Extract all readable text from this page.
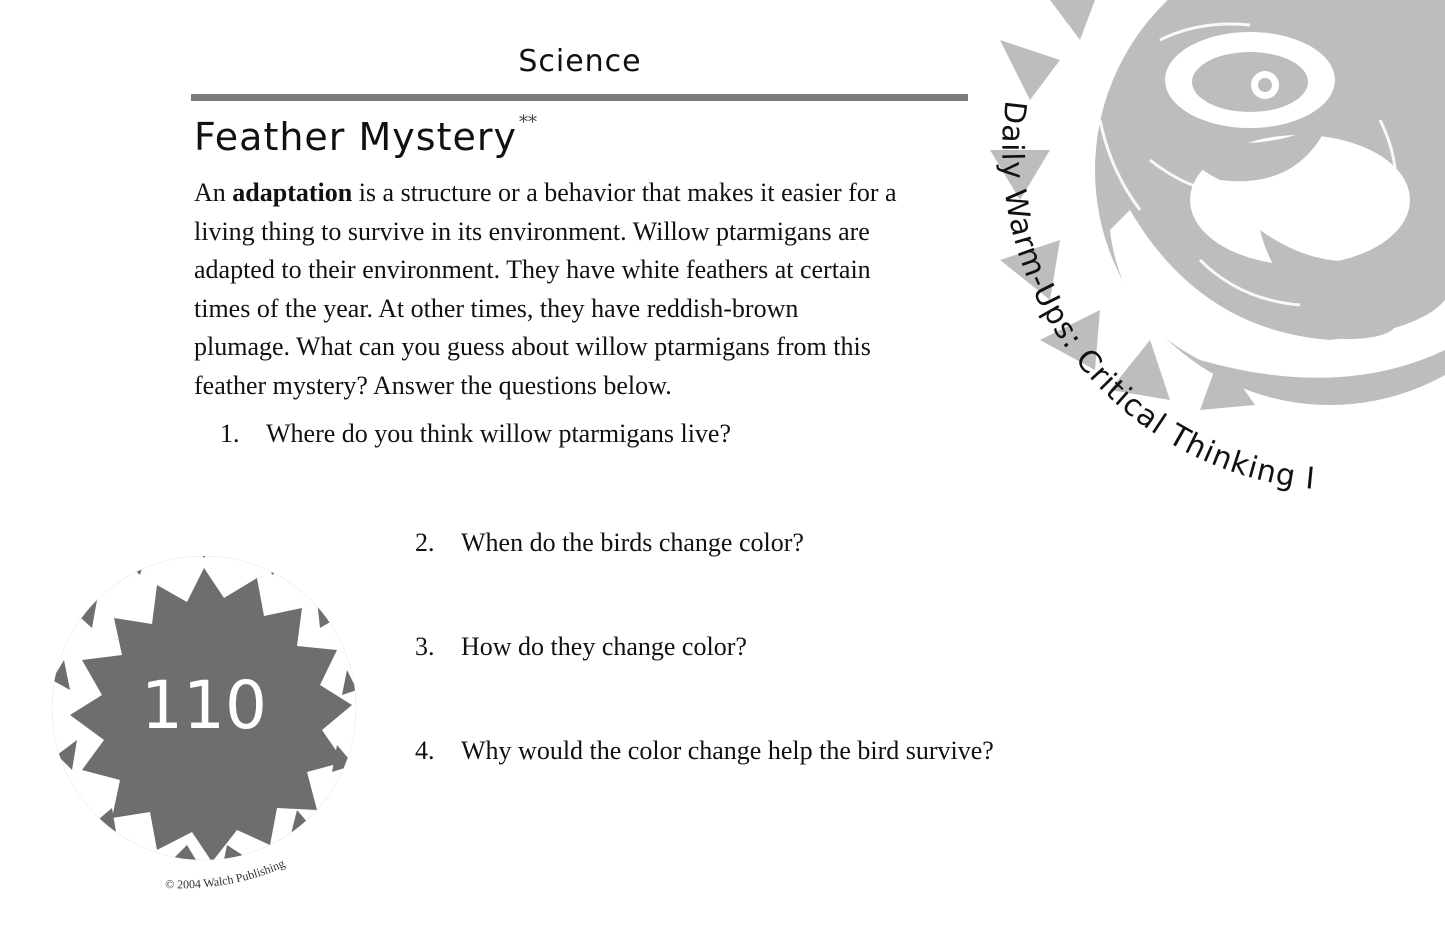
Daily Warm-Ups: Critical Thinking I
110
Science
Feather Mystery **
An adaptation is a structure or a behavior that makes it easier for a
living thing to survive in its environment. Willow ptarmigans are
adapted to their environment. They have white feathers at certain
times of the year. At other times, they have reddish-brown
plumage. What can you guess about willow ptarmigans from this
feather mystery? Answer the questions below.
1. Where do you think willow ptarmigans live?
2. When do the birds change color?
3. How do they change color?
4. Why would the color change help the bird survive?
© 2004 Walch Publishing
